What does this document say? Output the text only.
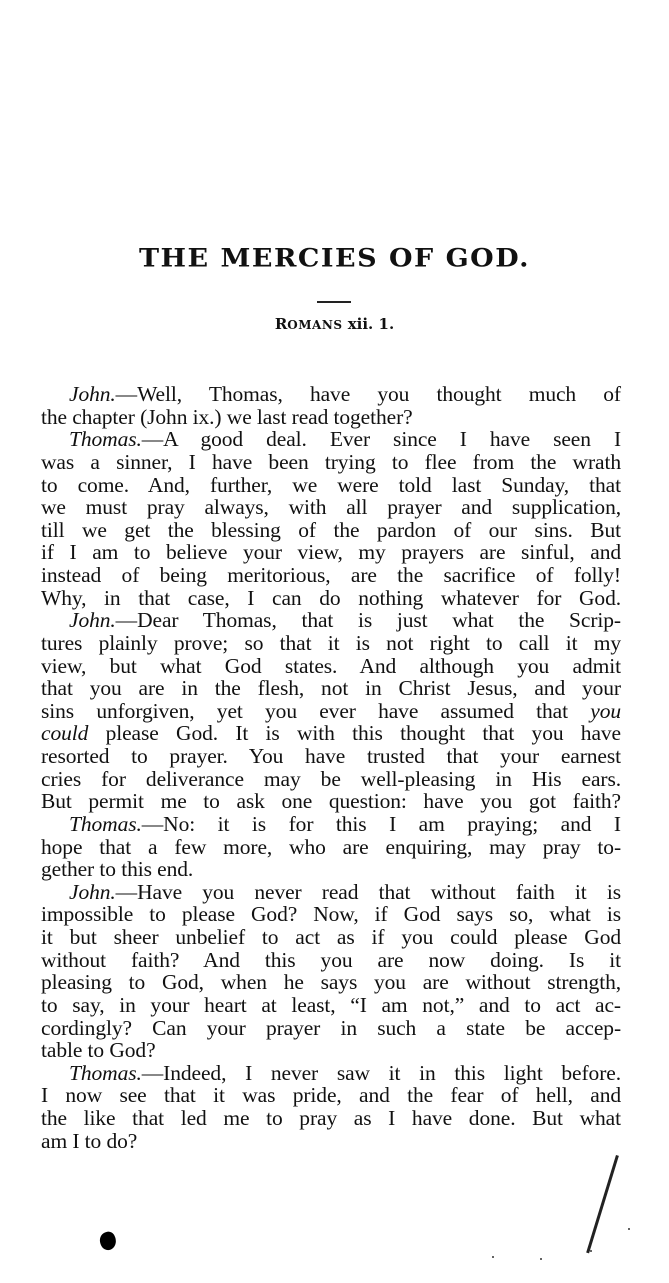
THE MERCIES OF GOD.
ROMANS xii. 1.
John.—Well, Thomas, have you thought much of
the chapter (John ix.) we last read together?
Thomas.—A good deal. Ever since I have seen I
was a sinner, I have been trying to flee from the wrath
to come. And, further, we were told last Sunday, that
we must pray always, with all prayer and supplication,
till we get the blessing of the pardon of our sins. But
if I am to believe your view, my prayers are sinful, and
instead of being meritorious, are the sacrifice of folly!
Why, in that case, I can do nothing whatever for God.
John.—Dear Thomas, that is just what the Scrip-
tures plainly prove; so that it is not right to call it my
view, but what God states. And although you admit
that you are in the flesh, not in Christ Jesus, and your
sins unforgiven, yet you ever have assumed that you
could please God. It is with this thought that you have
resorted to prayer. You have trusted that your earnest
cries for deliverance may be well-pleasing in His ears.
But permit me to ask one question: have you got faith?
Thomas.—No: it is for this I am praying; and I
hope that a few more, who are enquiring, may pray to-
gether to this end.
John.—Have you never read that without faith it is
impossible to please God? Now, if God says so, what is
it but sheer unbelief to act as if you could please God
without faith? And this you are now doing. Is it
pleasing to God, when he says you are without strength,
to say, in your heart at least, “I am not,” and to act ac-
cordingly? Can your prayer in such a state be accep-
table to God?
Thomas.—Indeed, I never saw it in this light before.
I now see that it was pride, and the fear of hell, and
the like that led me to pray as I have done. But what
am I to do?
